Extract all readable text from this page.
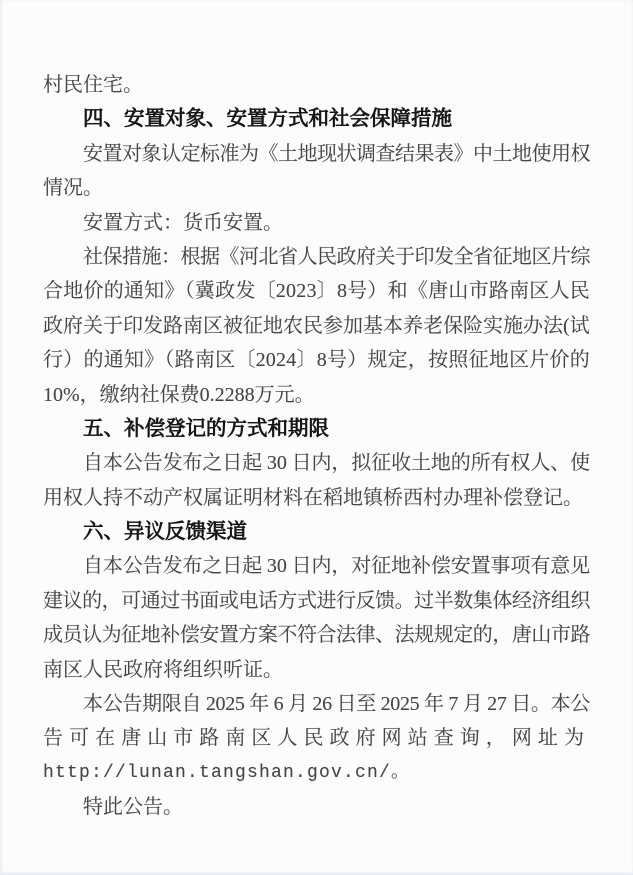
村民住宅。
四、安置对象、安置方式和社会保障措施
安置对象认定标准为《土地现状调查结果表》中土地使用权
情况。
安置方式：货币安置。
社保措施：根据《河北省人民政府关于印发全省征地区片综
合地价的通知》（冀政发〔2023〕8号）和《唐山市路南区人民
政府关于印发路南区被征地农民参加基本养老保险实施办法(试
行）的通知》（路南区〔2024〕8号）规定，按照征地区片价的
10%，缴纳社保费0.2288万元。
五、补偿登记的方式和期限
自本公告发布之日起 30 日内，拟征收土地的所有权人、使
用权人持不动产权属证明材料在稻地镇桥西村办理补偿登记。
六、异议反馈渠道
自本公告发布之日起 30 日内，对征地补偿安置事项有意见
建议的，可通过书面或电话方式进行反馈。过半数集体经济组织
成员认为征地补偿安置方案不符合法律、法规规定的，唐山市路
南区人民政府将组织听证。
本公告期限自 2025 年 6 月 26 日至 2025 年 7 月 27 日。本公
告可在唐山市路南区人民政府网站查询，网址为
http://lunan.tangshan.gov.cn/。
特此公告。
